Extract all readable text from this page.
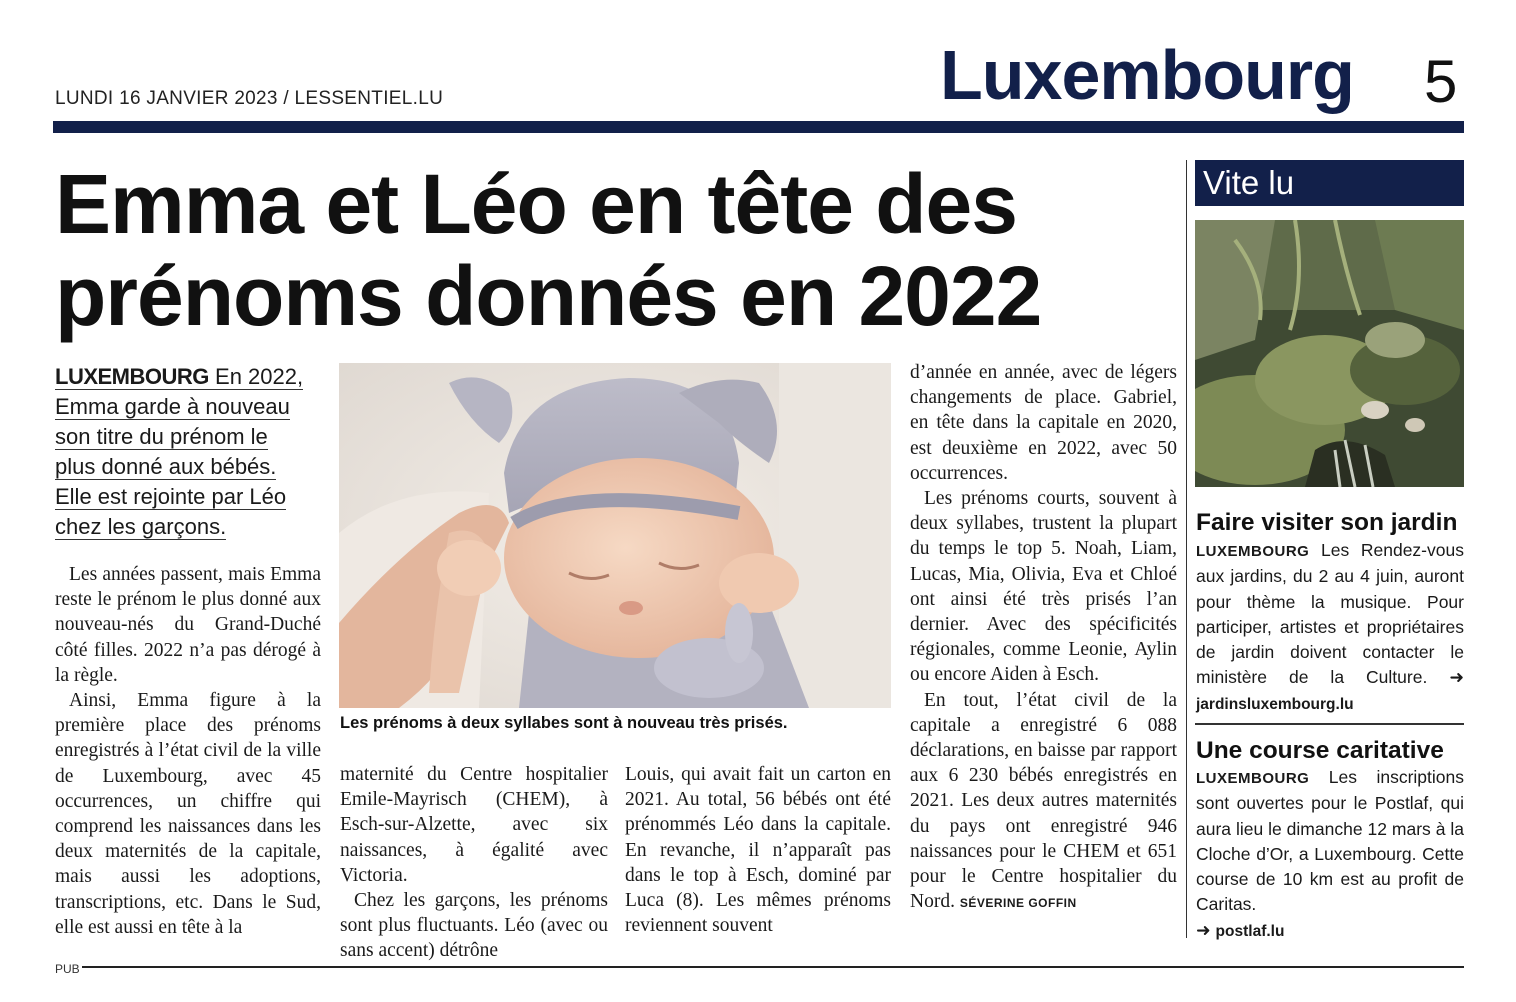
LUNDI 16 JANVIER 2023 / LESSENTIEL.LU	Luxembourg 5
Emma et Léo en tête des
prénoms donnés en 2022
LUXEMBOURG En 2022,
Emma garde à nouveau
son titre du prénom le
plus donné aux bébés.
Elle est rejointe par Léo
chez les garçons.

Les années passent, mais Emma reste le prénom le plus donné aux nouveau-nés du Grand-Duché côté filles. 2022 n’a pas dérogé à la règle.

Ainsi, Emma figure à la première place des prénoms enregistrés à l’état civil de la ville de Luxembourg, avec 45 occurrences, un chiffre qui comprend les naissances dans les deux maternités de la capitale, mais aussi les adoptions, transcriptions, etc. Dans le Sud, elle est aussi en tête à la

Les prénoms à deux syllabes sont à nouveau très prisés.

maternité du Centre hospitalier Emile-Mayrisch (CHEM), à Esch-sur-Alzette, avec six naissances, à égalité avec Victoria.

Chez les garçons, les prénoms sont plus fluctuants. Léo (avec ou sans accent) détrône

Louis, qui avait fait un carton en 2021. Au total, 56 bébés ont été prénommés Léo dans la capitale. En revanche, il n’apparaît pas dans le top à Esch, dominé par Luca (8). Les mêmes prénoms reviennent souvent

d’année en année, avec de légers changements de place. Gabriel, en tête dans la capitale en 2020, est deuxième en 2022, avec 50 occurrences.

Les prénoms courts, souvent à deux syllabes, trustent la plupart du temps le top 5. Noah, Liam, Lucas, Mia, Olivia, Eva et Chloé ont ainsi été très prisés l’an dernier. Avec des spécificités régionales, comme Leonie, Aylin ou encore Aiden à Esch.

En tout, l’état civil de la capitale a enregistré 6 088 déclarations, en baisse par rapport aux 6 230 bébés enregistrés en 2021. Les deux autres maternités du pays ont enregistré 946 naissances pour le CHEM et 651 pour le Centre hospitalier du Nord. SÉVERINE GOFFIN

Vite lu
Faire visiter son jardin
LUXEMBOURG Les Rendez-vous aux jardins, du 2 au 4 juin, auront pour thème la musique. Pour participer, artistes et propriétaires de jardin doivent contacter le ministère de la Culture. ➜ jardinsluxembourg.lu
Une course caritative
LUXEMBOURG Les inscriptions sont ouvertes pour le Postlaf, qui aura lieu le dimanche 12 mars à la Cloche d’Or, a Luxembourg. Cette course de 10 km est au profit de Caritas.
➜ postlaf.lu
PUB
